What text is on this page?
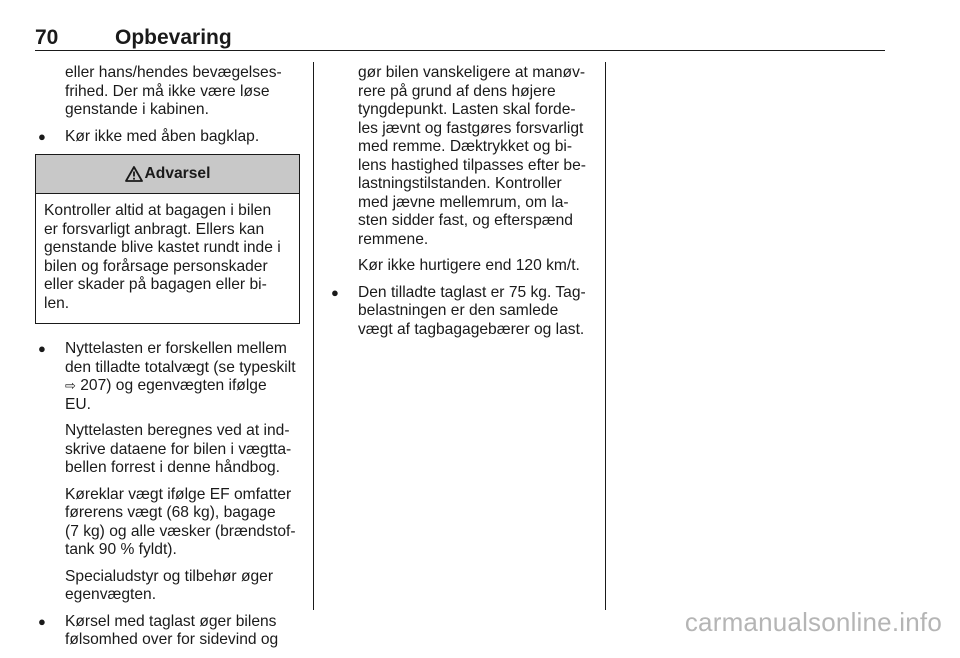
70	Opbevaring

eller hans/hendes bevægelses-
frihed. Der må ikke være løse
genstande i kabinen.

● Kør ikke med åben bagklap.
Advarsel
Kontroller altid at bagagen i bilen
er forsvarligt anbragt. Ellers kan
genstande blive kastet rundt inde i
bilen og forårsage personskader
eller skader på bagagen eller bi-
len.
● Nyttelasten er forskellen mellem
den tilladte totalvægt (se typeskilt
⇨ 207) og egenvægten ifølge
EU.

Nyttelasten beregnes ved at ind-
skrive dataene for bilen i vægtta-
bellen forrest i denne håndbog.

Køreklar vægt ifølge EF omfatter
førerens vægt (68 kg), bagage
(7 kg) og alle væsker (brændstof-
tank 90 % fyldt).

Specialudstyr og tilbehør øger
egenvægten.

● Kørsel med taglast øger bilens
følsomhed over for sidevind og

gør bilen vanskeligere at manøv-
rere på grund af dens højere
tyngdepunkt. Lasten skal forde-
les jævnt og fastgøres forsvarligt
med remme. Dæktrykket og bi-
lens hastighed tilpasses efter be-
lastningstilstanden. Kontroller
med jævne mellemrum, om la-
sten sidder fast, og efterspænd
remmene.

Kør ikke hurtigere end 120 km/t.

● Den tilladte taglast er 75 kg. Tag-
belastningen er den samlede
vægt af tagbagagebærer og last.
carmanualsonline.info
